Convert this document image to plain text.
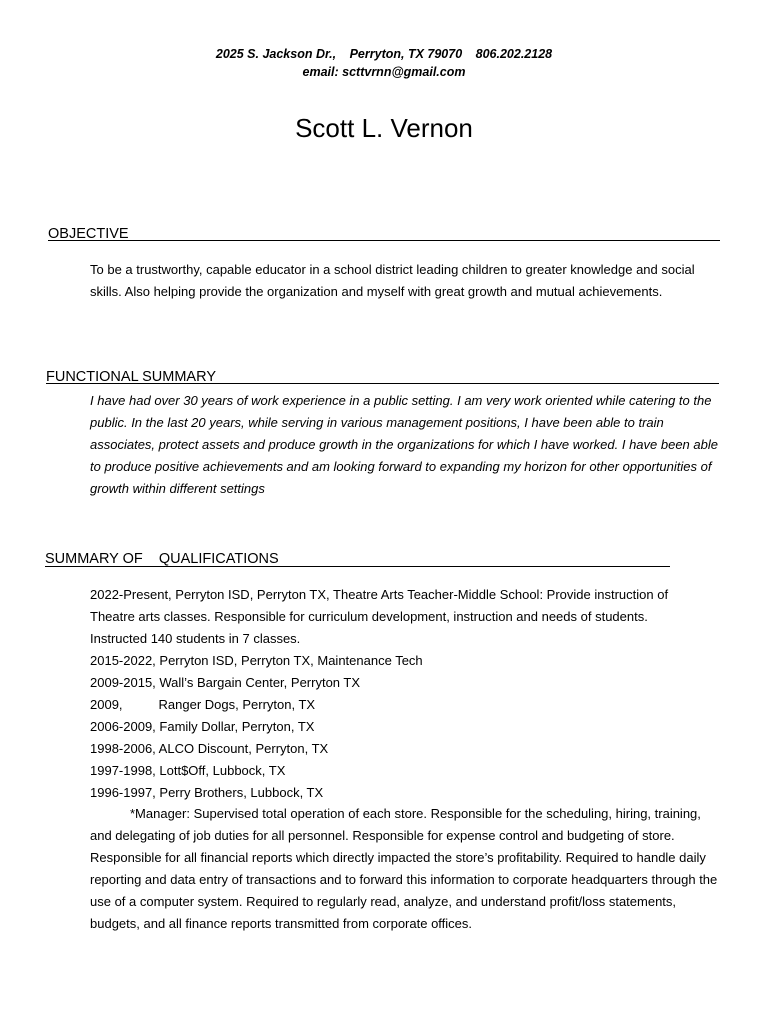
2025 S. Jackson Dr., Perryton, TX 79070 806.202.2128
email: scttvrnn@gmail.com
Scott L. Vernon
OBJECTIVE
To be a trustworthy, capable educator in a school district leading children to greater knowledge and social skills. Also helping provide the organization and myself with great growth and mutual achievements.
FUNCTIONAL SUMMARY
I have had over 30 years of work experience in a public setting. I am very work oriented while catering to the public. In the last 20 years, while serving in various management positions, I have been able to train associates, protect assets and produce growth in the organizations for which I have worked. I have been able to produce positive achievements and am looking forward to expanding my horizon for other opportunities of growth within different settings
SUMMARY OF    QUALIFICATIONS
2022-Present, Perryton ISD, Perryton TX, Theatre Arts Teacher-Middle School: Provide instruction of
Theatre arts classes. Responsible for curriculum development, instruction and needs of students.
Instructed 140 students in 7 classes.
2015-2022, Perryton ISD, Perryton TX, Maintenance Tech
2009-2015, Wall’s Bargain Center, Perryton TX
2009,	Ranger Dogs, Perryton, TX
2006-2009, Family Dollar, Perryton, TX
1998-2006, ALCO Discount, Perryton, TX
1997-1998, Lott$Off, Lubbock, TX
1996-1997, Perry Brothers, Lubbock, TX
*Manager: Supervised total operation of each store. Responsible for the scheduling, hiring, training, and delegating of job duties for all personnel. Responsible for expense control and budgeting of store. Responsible for all financial reports which directly impacted the store’s profitability. Required to handle daily reporting and data entry of transactions and to forward this information to corporate headquarters through the use of a computer system. Required to regularly read, analyze, and understand profit/loss statements, budgets, and all finance reports transmitted from corporate offices.
